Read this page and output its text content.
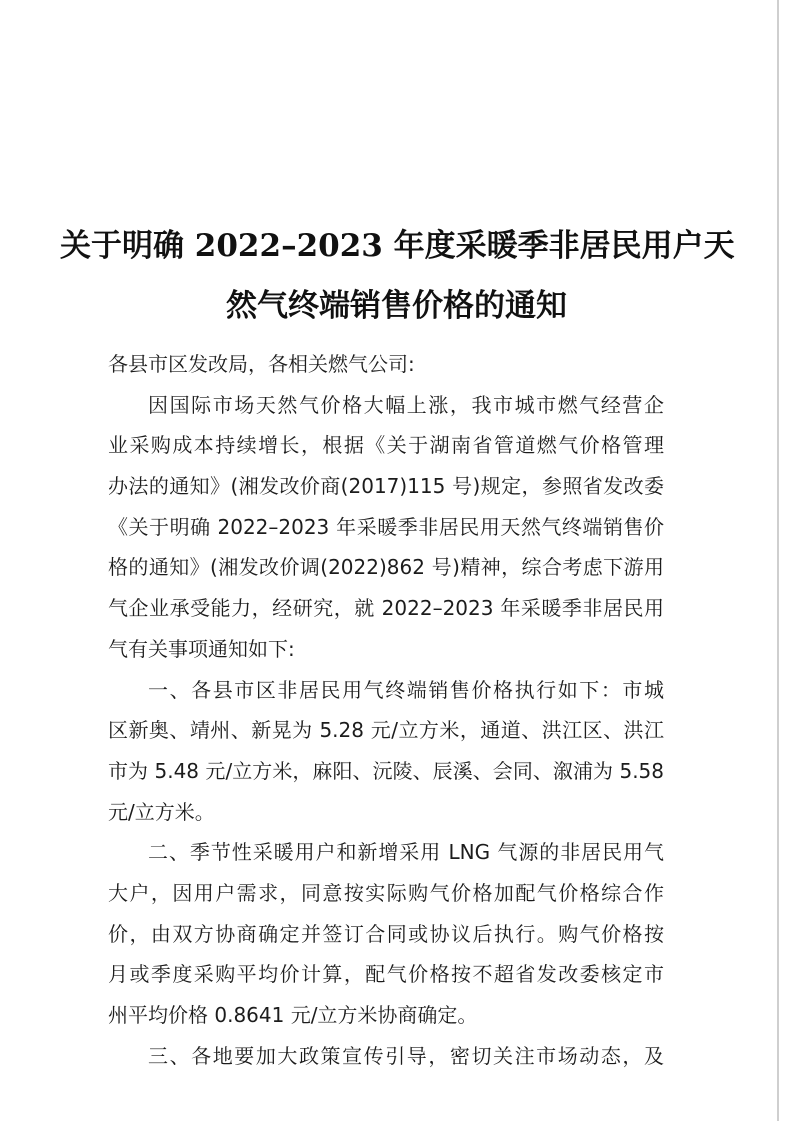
关于明确 2022–2023 年度采暖季非居民用户天
然气终端销售价格的通知
各县市区发改局，各相关燃气公司:
因国际市场天然气价格大幅上涨，我市城市燃气经营企
业采购成本持续增长，根据《关于湖南省管道燃气价格管理
办法的通知》(湘发改价商(2017)115 号)规定，参照省发改委
《关于明确 2022–2023 年采暖季非居民用天然气终端销售价
格的通知》(湘发改价调(2022)862 号)精神，综合考虑下游用
气企业承受能力，经研究，就 2022–2023 年采暖季非居民用
气有关事项通知如下:
一、各县市区非居民用气终端销售价格执行如下：市城
区新奥、靖州、新晃为 5.28 元/立方米，通道、洪江区、洪江
市为 5.48 元/立方米，麻阳、沅陵、辰溪、会同、溆浦为 5.58
元/立方米。
二、季节性采暖用户和新增采用 LNG 气源的非居民用气
大户，因用户需求，同意按实际购气价格加配气价格综合作
价，由双方协商确定并签订合同或协议后执行。购气价格按
月或季度采购平均价计算，配气价格按不超省发改委核定市
州平均价格 0.8641 元/立方米协商确定。
三、各地要加大政策宣传引导，密切关注市场动态，及
